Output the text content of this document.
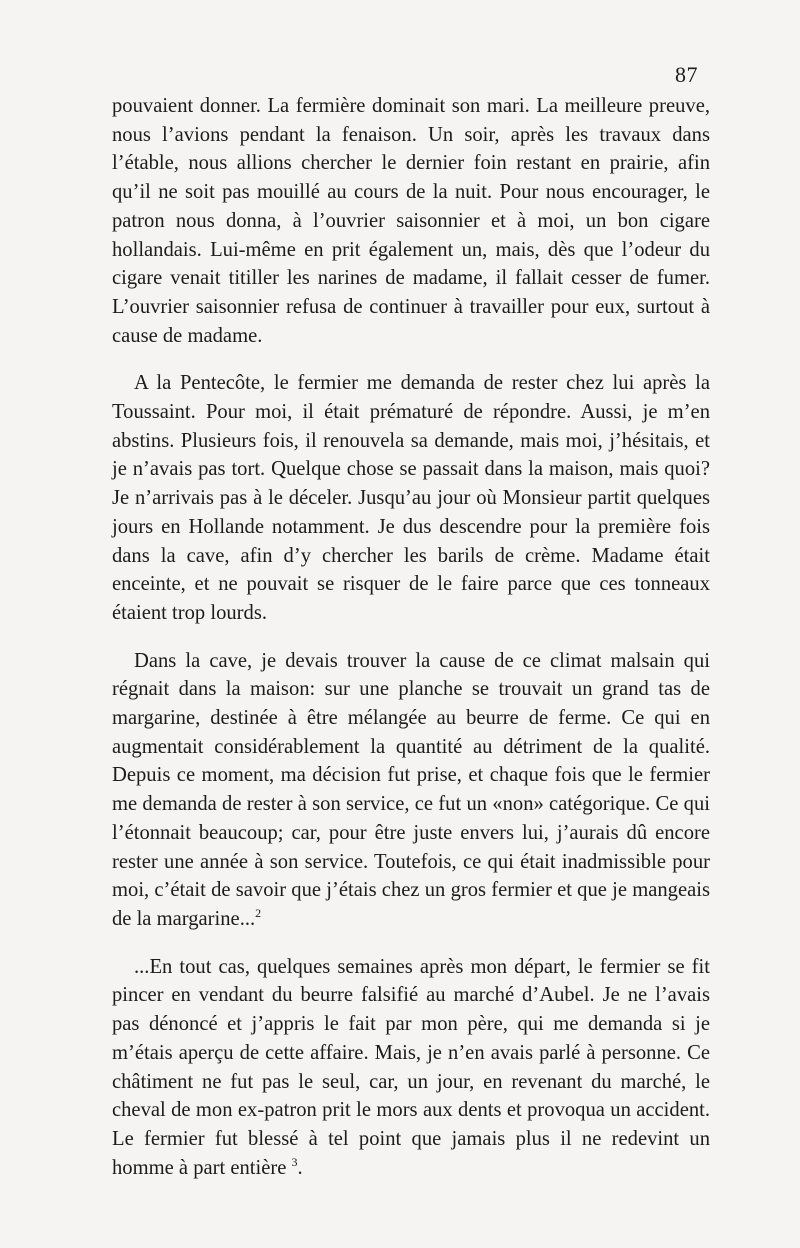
87

pouvaient donner. La fermière dominait son mari. La meilleure preuve, nous l’avions pendant la fenaison. Un soir, après les travaux dans l’étable, nous allions chercher le dernier foin restant en prairie, afin qu’il ne soit pas mouillé au cours de la nuit. Pour nous encourager, le patron nous donna, à l’ouvrier saisonnier et à moi, un bon cigare hollandais. Lui-même en prit également un, mais, dès que l’odeur du cigare venait titiller les narines de madame, il fallait cesser de fumer. L’ouvrier saisonnier refusa de continuer à travailler pour eux, surtout à cause de madame.

A la Pentecôte, le fermier me demanda de rester chez lui après la Toussaint. Pour moi, il était prématuré de répondre. Aussi, je m’en abstins. Plusieurs fois, il renouvela sa demande, mais moi, j’hésitais, et je n’avais pas tort. Quelque chose se passait dans la maison, mais quoi? Je n’arrivais pas à le déceler. Jusqu’au jour où Monsieur partit quelques jours en Hollande notamment. Je dus descendre pour la première fois dans la cave, afin d’y chercher les barils de crème. Madame était enceinte, et ne pouvait se risquer de le faire parce que ces tonneaux étaient trop lourds.

Dans la cave, je devais trouver la cause de ce climat malsain qui régnait dans la maison: sur une planche se trouvait un grand tas de margarine, destinée à être mélangée au beurre de ferme. Ce qui en augmentait considérablement la quantité au détriment de la qualité. Depuis ce moment, ma décision fut prise, et chaque fois que le fermier me demanda de rester à son service, ce fut un «non» catégorique. Ce qui l’étonnait beaucoup; car, pour être juste envers lui, j’aurais dû encore rester une année à son service. Toutefois, ce qui était inadmissible pour moi, c’était de savoir que j’étais chez un gros fermier et que je mangeais de la margarine...$^2$

...En tout cas, quelques semaines après mon départ, le fermier se fit pincer en vendant du beurre falsifié au marché d’Aubel. Je ne l’avais pas dénoncé et j’appris le fait par mon père, qui me demanda si je m’étais aperçu de cette affaire. Mais, je n’en avais parlé à personne. Ce châtiment ne fut pas le seul, car, un jour, en revenant du marché, le cheval de mon ex-patron prit le mors aux dents et provoqua un accident. Le fermier fut blessé à tel point que jamais plus il ne redevint un homme à part entière $^3$.
